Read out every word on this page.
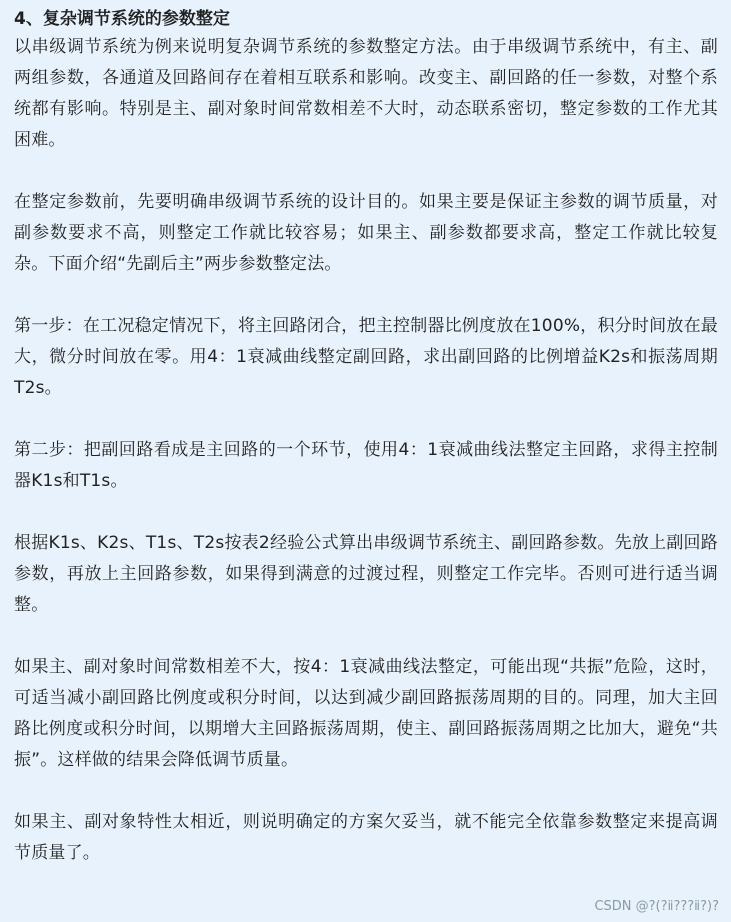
4、复杂调节系统的参数整定

以串级调节系统为例来说明复杂调节系统的参数整定方法。由于串级调节系统中，有主、副两组参数，各通道及回路间存在着相互联系和影响。改变主、副回路的任一参数，对整个系统都有影响。特别是主、副对象时间常数相差不大时，动态联系密切，整定参数的工作尤其困难。

在整定参数前，先要明确串级调节系统的设计目的。如果主要是保证主参数的调节质量，对副参数要求不高，则整定工作就比较容易；如果主、副参数都要求高，整定工作就比较复杂。下面介绍“先副后主”两步参数整定法。

第一步：在工况稳定情况下，将主回路闭合，把主控制器比例度放在100%，积分时间放在最大，微分时间放在零。用4：1衰减曲线整定副回路，求出副回路的比例增益K2s和振荡周期T2s。

第二步：把副回路看成是主回路的一个环节，使用4：1衰减曲线法整定主回路，求得主控制器K1s和T1s。

根据K1s、K2s、T1s、T2s按表2经验公式算出串级调节系统主、副回路参数。先放上副回路参数，再放上主回路参数，如果得到满意的过渡过程，则整定工作完毕。否则可进行适当调整。

如果主、副对象时间常数相差不大，按4：1衰减曲线法整定，可能出现“共振”危险，这时，可适当减小副回路比例度或积分时间，以达到减少副回路振荡周期的目的。同理，加大主回路比例度或积分时间，以期增大主回路振荡周期，使主、副回路振荡周期之比加大，避免“共振”。这样做的结果会降低调节质量。

如果主、副对象特性太相近，则说明确定的方案欠妥当，就不能完全依靠参数整定来提高调节质量了。

CSDN @?(?ⅱ???ⅱ?)?
